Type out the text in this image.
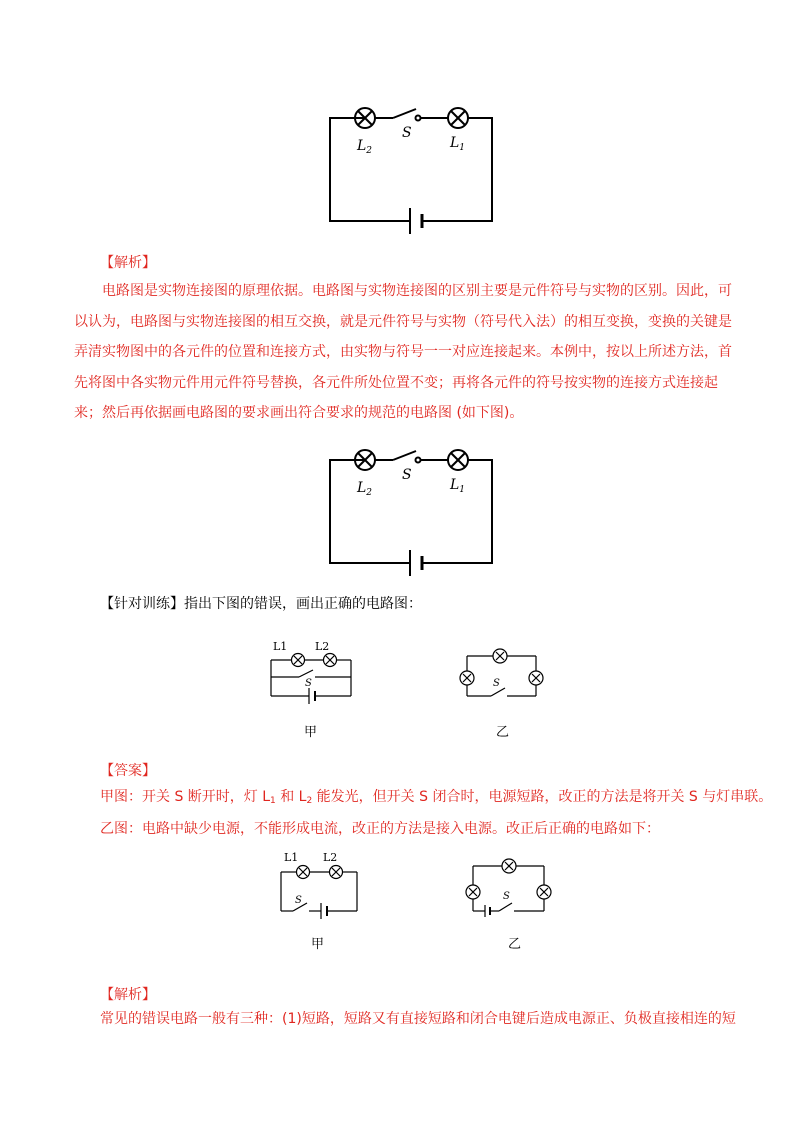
$L_2$
S
$L_1$
【解析】

电路图是实物连接图的原理依据。电路图与实物连接图的区别主要是元件符号与实物的区别。因此，可以认为，电路图与实物连接图的相互交换，就是元件符号与实物（符号代入法）的相互变换，变换的关键是弄清实物图中的各元件的位置和连接方式，由实物与符号一一对应连接起来。本例中，按以上所述方法，首先将图中各实物元件用元件符号替换，各元件所处位置不变；再将各元件的符号按实物的连接方式连接起来；然后再依据画电路图的要求画出符合要求的规范的电路图 (如下图)。

$L_2$
S
$L_1$
【针对训练】指出下图的错误，画出正确的电路图：
L1	L2
S
甲
S
乙
【答案】
甲图：开关 S 断开时，灯 $L_1$ 和 $L_2$ 能发光，但开关 S 闭合时，电源短路，改正的方法是将开关 S 与灯串联。
乙图：电路中缺少电源，不能形成电流，改正的方法是接入电源。改正后正确的电路如下：
L1 L2
S
甲
S
乙
【解析】
常见的错误电路一般有三种：(1)短路，短路又有直接短路和闭合电键后造成电源正、负极直接相连的短
